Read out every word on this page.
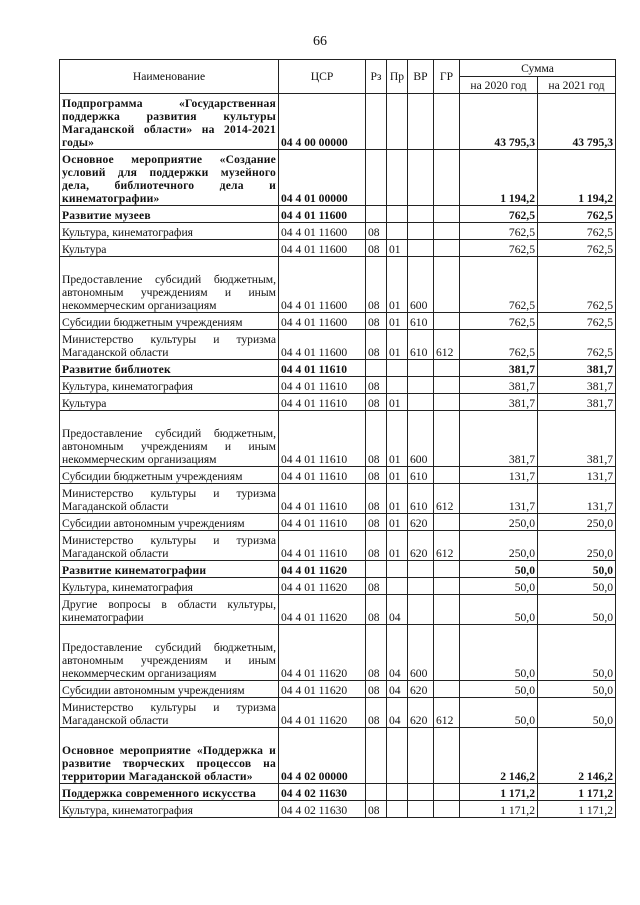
66
Наименование	ЦСР	Рз	Пр	ВР	ГР	Сумма	
						на 2020 год	на 2021 год
Подпрограмма «Государственная поддержка развития культуры Магаданской области» на 2014-2021 годы»	04 4 00 00000					43 795,3	43 795,3
Основное мероприятие «Создание условий для поддержки музейного дела, библиотечного дела и кинематографии»	04 4 01 00000					1 194,2	1 194,2
Развитие музеев	04 4 01 11600					762,5	762,5
Культура, кинематография	04 4 01 11600	08				762,5	762,5
Культура	04 4 01 11600	08	01			762,5	762,5
Предоставление субсидий бюджетным, автономным учреждениям и иным некоммерческим организациям	04 4 01 11600	08	01	600		762,5	762,5
Субсидии бюджетным учреждениям	04 4 01 11600	08	01	610		762,5	762,5
Министерство культуры и туризма Магаданской области	04 4 01 11600	08	01	610	612	762,5	762,5
Развитие библиотек	04 4 01 11610					381,7	381,7
Культура, кинематография	04 4 01 11610	08				381,7	381,7
Культура	04 4 01 11610	08	01			381,7	381,7
Предоставление субсидий бюджетным, автономным учреждениям и иным некоммерческим организациям	04 4 01 11610	08	01	600		381,7	381,7
Субсидии бюджетным учреждениям	04 4 01 11610	08	01	610		131,7	131,7
Министерство культуры и туризма Магаданской области	04 4 01 11610	08	01	610	612	131,7	131,7
Субсидии автономным учреждениям	04 4 01 11610	08	01	620		250,0	250,0
Министерство культуры и туризма Магаданской области	04 4 01 11610	08	01	620	612	250,0	250,0
Развитие кинематографии	04 4 01 11620					50,0	50,0
Культура, кинематография	04 4 01 11620	08				50,0	50,0
Другие вопросы в области культуры, кинематографии	04 4 01 11620	08	04			50,0	50,0
Предоставление субсидий бюджетным, автономным учреждениям и иным некоммерческим организациям	04 4 01 11620	08	04	600		50,0	50,0
Субсидии автономным учреждениям	04 4 01 11620	08	04	620		50,0	50,0
Министерство культуры и туризма Магаданской области	04 4 01 11620	08	04	620	612	50,0	50,0
Основное мероприятие «Поддержка и развитие творческих процессов на территории Магаданской области»	04 4 02 00000					2 146,2	2 146,2
Поддержка современного искусства	04 4 02 11630					1 171,2	1 171,2
Культура, кинематография	04 4 02 11630	08				1 171,2	1 171,2
